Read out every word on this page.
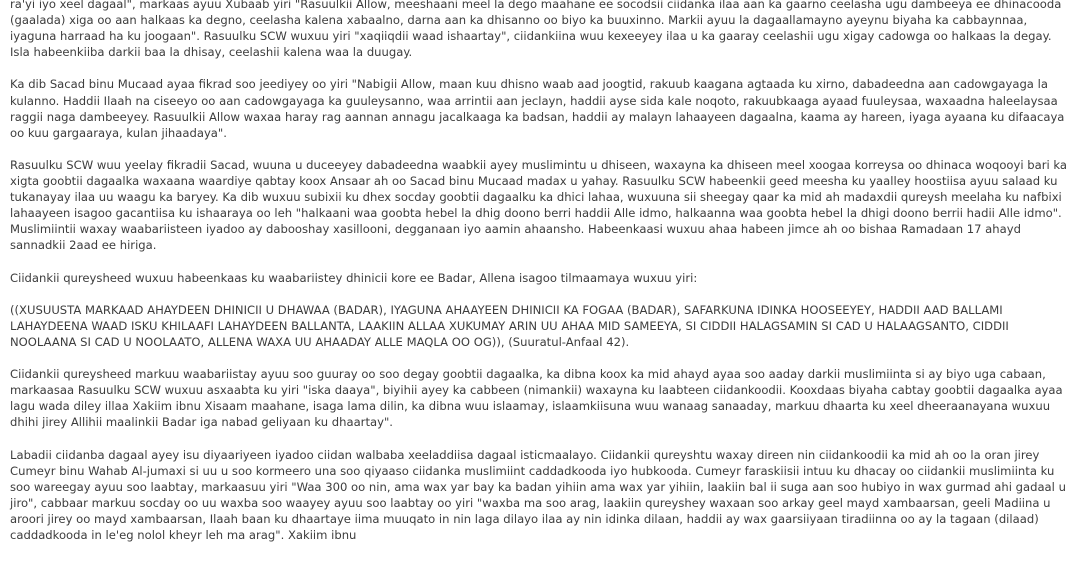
ra'yi iyo xeel dagaal", markaas ayuu Xubaab yiri "Rasuulkii Allow, meeshaani meel la dego maahane ee socodsii ciidanka ilaa aan ka gaarno ceelasha ugu dambeeya ee dhinacooda (gaalada) xiga oo aan halkaas ka degno, ceelasha kalena xabaalno, darna aan ka dhisanno oo biyo ka buuxinno. Markii ayuu la dagaallamayno ayeynu biyaha ka cabbaynnaa, iyaguna harraad ha ku joogaan". Rasuulku SCW wuxuu yiri "xaqiiqdii waad ishaartay", ciidankiina wuu kexeeyey ilaa u ka gaaray ceelashii ugu xigay cadowga oo halkaas la degay. Isla habeenkiiba darkii baa la dhisay, ceelashii kalena waa la duugay.

Ka dib Sacad binu Mucaad ayaa fikrad soo jeediyey oo yiri "Nabigii Allow, maan kuu dhisno waab aad joogtid, rakuub kaagana agtaada ku xirno, dabadeedna aan cadowgayaga la kulanno. Haddii Ilaah na ciseeyo oo aan cadowgayaga ka guuleysanno, waa arrintii aan jeclayn, haddii ayse sida kale noqoto, rakuubkaaga ayaad fuuleysaa, waxaadna haleelaysaa raggii naga dambeeyey. Rasuulkii Allow waxaa haray rag aannan annagu jacalkaaga ka badsan, haddii ay malayn lahaayeen dagaalna, kaama ay hareen, iyaga ayaana ku difaacaya oo kuu gargaaraya, kulan jihaadaya".

Rasuulku SCW wuu yeelay fikradii Sacad, wuuna u duceeyey dabadeedna waabkii ayey muslimintu u dhiseen, waxayna ka dhiseen meel xoogaa korreysa oo dhinaca woqooyi bari ka xigta goobtii dagaalka waxaana waardiye qabtay koox Ansaar ah oo Sacad binu Mucaad madax u yahay. Rasuulku SCW habeenkii geed meesha ku yaalley hoostiisa ayuu salaad ku tukanayay ilaa uu waagu ka baryey. Ka dib wuxuu subixii ku dhex socday goobtii dagaalku ka dhici lahaa, wuxuuna sii sheegay qaar ka mid ah madaxdii qureysh meelaha ku nafbixi lahaayeen isagoo gacantiisa ku ishaaraya oo leh "halkaani waa goobta hebel la dhig doono berri haddii Alle idmo, halkaanna waa goobta hebel la dhigi doono berrii hadii Alle idmo". Muslimiintii waxay waabariisteen iyadoo ay dabooshay xasillooni, degganaan iyo aamin ahaansho. Habeenkaasi wuxuu ahaa habeen jimce ah oo bishaa Ramadaan 17 ahayd sannadkii 2aad ee hiriga.

Ciidankii qureysheed wuxuu habeenkaas ku waabariistey dhinicii kore ee Badar, Allena isagoo tilmaamaya wuxuu yiri:

((XUSUUSTA MARKAAD AHAYDEEN DHINICII U DHAWAA (BADAR), IYAGUNA AHAAYEEN DHINICII KA FOGAA (BADAR), SAFARKUNA IDINKA HOOSEEYEY, HADDII AAD BALLAMI LAHAYDEENA WAAD ISKU KHILAAFI LAHAYDEEN BALLANTA, LAAKIIN ALLAA XUKUMAY ARIN UU AHAA MID SAMEEYA, SI CIDDII HALAGSAMIN SI CAD U HALAAGSANTO, CIDDII NOOLAANA SI CAD U NOOLAATO, ALLENA WAXA UU AHAADAY ALLE MAQLA OO OG)), (Suuratul-Anfaal 42).

Ciidankii qureysheed markuu waabariistay ayuu soo guuray oo soo degay goobtii dagaalka, ka dibna koox ka mid ahayd ayaa soo aaday darkii muslimiinta si ay biyo uga cabaan, markaasaa Rasuulku SCW wuxuu asxaabta ku yiri "iska daaya", biyihii ayey ka cabbeen (nimankii) waxayna ku laabteen ciidankoodii. Kooxdaas biyaha cabtay goobtii dagaalka ayaa lagu wada diley illaa Xakiim ibnu Xisaam maahane, isaga lama dilin, ka dibna wuu islaamay, islaamkiisuna wuu wanaag sanaaday, markuu dhaarta ku xeel dheeraanayana wuxuu dhihi jirey Allihii maalinkii Badar iga nabad geliyaan ku dhaartay".

Labadii ciidanba dagaal ayey isu diyaariyeen iyadoo ciidan walbaba xeeladdiisa dagaal isticmaalayo. Ciidankii qureyshtu waxay direen nin ciidankoodii ka mid ah oo la oran jirey Cumeyr binu Wahab Al-jumaxi si uu u soo kormeero una soo qiyaaso ciidanka muslimiint caddadkooda iyo hubkooda. Cumeyr faraskiisii intuu ku dhacay oo ciidankii muslimiinta ku soo wareegay ayuu soo laabtay, markaasuu yiri "Waa 300 oo nin, ama wax yar bay ka badan yihiin ama wax yar yihiin, laakiin bal ii suga aan soo hubiyo in wax gurmad ahi gadaal u jiro", cabbaar markuu socday oo uu waxba soo waayey ayuu soo laabtay oo yiri "waxba ma soo arag, laakiin qureyshey waxaan soo arkay geel mayd xambaarsan, geeli Madiina u aroori jirey oo mayd xambaarsan, Ilaah baan ku dhaartaye iima muuqato in nin laga dilayo ilaa ay nin idinka dilaan, haddii ay wax gaarsiiyaan tiradiinna oo ay la tagaan (dilaad) caddadkooda in le'eg nolol kheyr leh ma arag". Xakiim ibnu
